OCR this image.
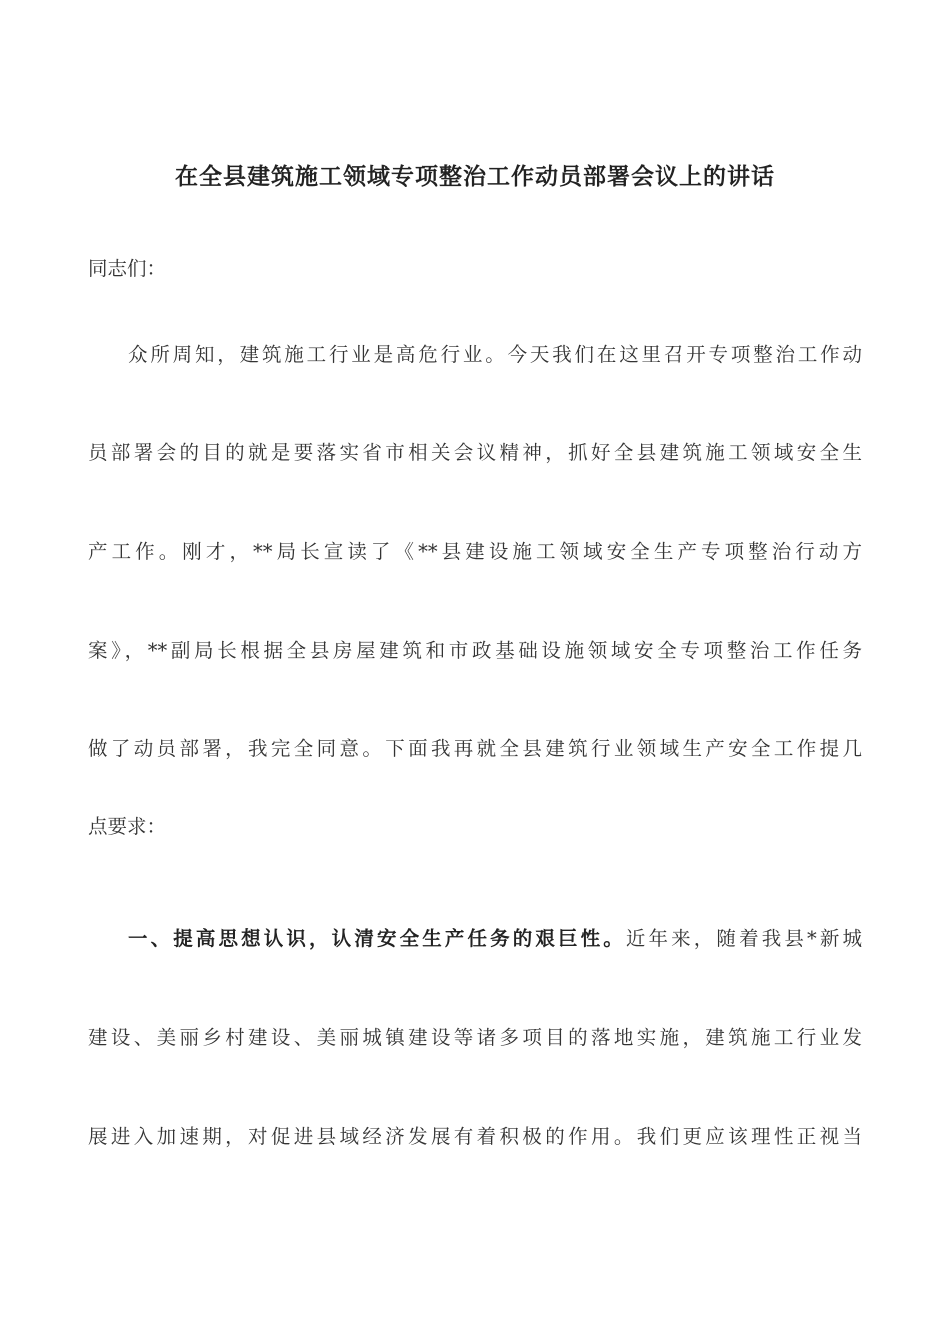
在全县建筑施工领域专项整治工作动员部署会议上的讲话
同志们：
众所周知，建筑施工行业是高危行业。今天我们在这里召开专项整治工作动
员部署会的目的就是要落实省市相关会议精神，抓好全县建筑施工领域安全生
产工作。刚才，**局长宣读了《**县建设施工领域安全生产专项整治行动方
案》，**副局长根据全县房屋建筑和市政基础设施领域安全专项整治工作任务
做了动员部署，我完全同意。下面我再就全县建筑行业领域生产安全工作提几
点要求：
一、提高思想认识，认清安全生产任务的艰巨性。近年来，随着我县*新城
建设、美丽乡村建设、美丽城镇建设等诸多项目的落地实施，建筑施工行业发
展进入加速期，对促进县域经济发展有着积极的作用。我们更应该理性正视当
